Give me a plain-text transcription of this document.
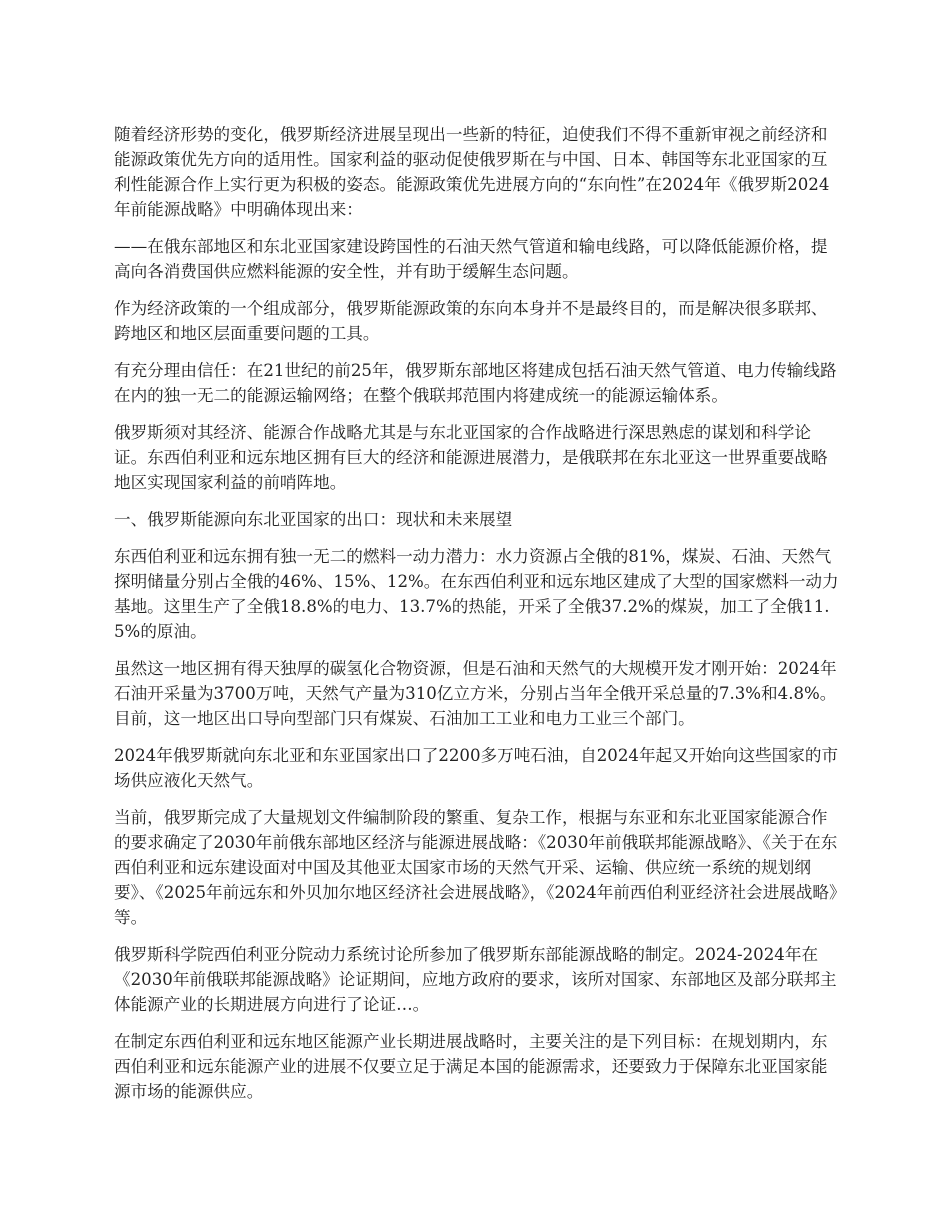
随着经济形势的变化，俄罗斯经济进展呈现出一些新的特征，迫使我们不得不重新审视之前经济和能源政策优先方向的适用性。国家利益的驱动促使俄罗斯在与中国、日本、韩国等东北亚国家的互利性能源合作上实行更为积极的姿态。能源政策优先进展方向的“东向性”在2024年《俄罗斯2024年前能源战略》中明确体现出来：

——在俄东部地区和东北亚国家建设跨国性的石油天然气管道和输电线路，可以降低能源价格，提高向各消费国供应燃料能源的安全性，并有助于缓解生态问题。

作为经济政策的一个组成部分，俄罗斯能源政策的东向本身并不是最终目的，而是解决很多联邦、跨地区和地区层面重要问题的工具。

有充分理由信任：在21世纪的前25年，俄罗斯东部地区将建成包括石油天然气管道、电力传输线路在内的独一无二的能源运输网络；在整个俄联邦范围内将建成统一的能源运输体系。

俄罗斯须对其经济、能源合作战略尤其是与东北亚国家的合作战略进行深思熟虑的谋划和科学论证。东西伯利亚和远东地区拥有巨大的经济和能源进展潜力，是俄联邦在东北亚这一世界重要战略地区实现国家利益的前哨阵地。

一、俄罗斯能源向东北亚国家的出口：现状和未来展望

东西伯利亚和远东拥有独一无二的燃料一动力潜力：水力资源占全俄的81%，煤炭、石油、天然气探明储量分别占全俄的46%、15%、12%。在东西伯利亚和远东地区建成了大型的国家燃料一动力基地。这里生产了全俄18.8%的电力、13.7%的热能，开采了全俄37.2%的煤炭，加工了全俄11.5%的原油。

虽然这一地区拥有得天独厚的碳氢化合物资源，但是石油和天然气的大规模开发才刚开始：2024年石油开采量为3700万吨，天然气产量为310亿立方米，分别占当年全俄开采总量的7.3%和4.8%。目前，这一地区出口导向型部门只有煤炭、石油加工工业和电力工业三个部门。

2024年俄罗斯就向东北亚和东亚国家出口了2200多万吨石油，自2024年起又开始向这些国家的市场供应液化天然气。

当前，俄罗斯完成了大量规划文件编制阶段的繁重、复杂工作，根据与东亚和东北亚国家能源合作的要求确定了2030年前俄东部地区经济与能源进展战略：《2030年前俄联邦能源战略》、《关于在东西伯利亚和远东建设面对中国及其他亚太国家市场的天然气开采、运输、供应统一系统的规划纲要》、《2025年前远东和外贝加尔地区经济社会进展战略》，《2024年前西伯利亚经济社会进展战略》等。

俄罗斯科学院西伯利亚分院动力系统讨论所参加了俄罗斯东部能源战略的制定。2024-2024年在《2030年前俄联邦能源战略》论证期间，应地方政府的要求，该所对国家、东部地区及部分联邦主体能源产业的长期进展方向进行了论证…。

在制定东西伯利亚和远东地区能源产业长期进展战略时，主要关注的是下列目标：在规划期内，东西伯利亚和远东能源产业的进展不仅要立足于满足本国的能源需求，还要致力于保障东北亚国家能源市场的能源供应。
